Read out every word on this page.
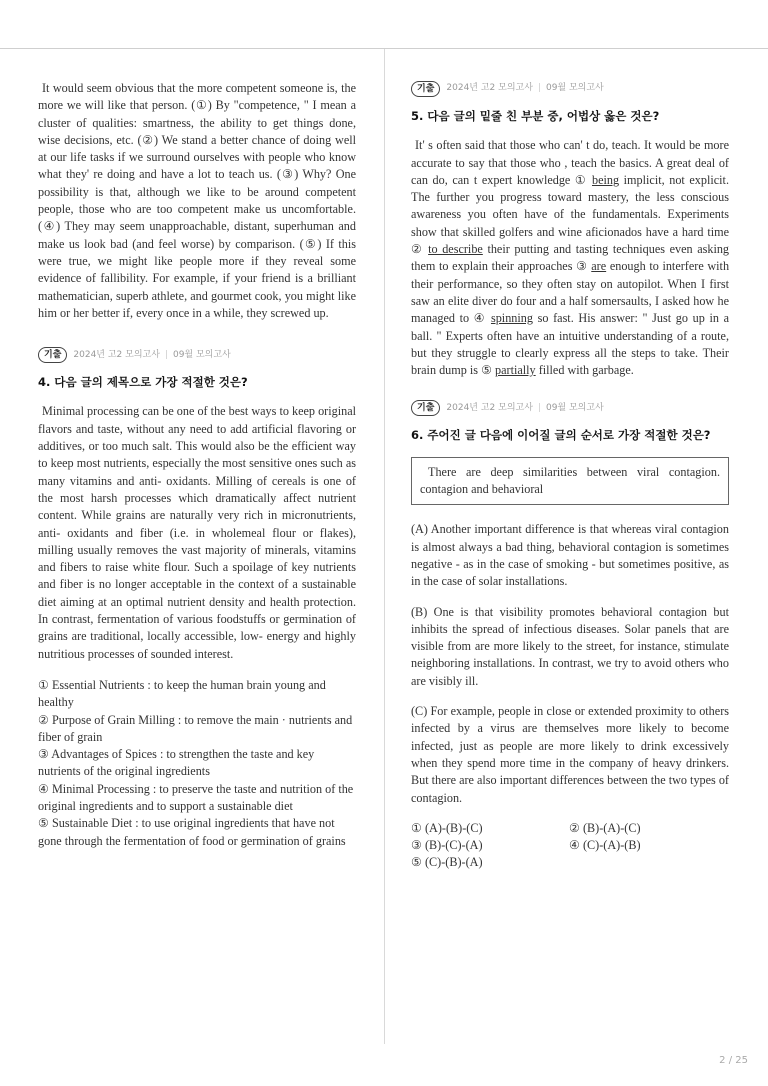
It would seem obvious that the more competent someone is, the more we will like that person. (①) By "competence, " I mean a cluster of qualities: smartness, the ability to get things done, wise decisions, etc. (②) We stand a better chance of doing well at our life tasks if we surround ourselves with people who know what they' re doing and have a lot to teach us. (③) Why? One possibility is that, although we like to be around competent people, those who are too competent make us uncomfortable. (④) They may seem unapproachable, distant, superhuman and make us look bad (and feel worse) by comparison. (⑤) If this were true, we might like people more if they reveal some evidence of fallibility. For example, if your friend is a brilliant mathematician, superb athlete, and gourmet cook, you might like him or her better if, every once in a while, they screwed up.

기출	2024년 고2 모의고사 | 09월 모의고사
4. 다음 글의 제목으로 가장 적절한 것은?

Minimal processing can be one of the best ways to keep original flavors and taste, without any need to add artificial flavoring or additives, or too much salt. This would also be the efficient way to keep most nutrients, especially the most sensitive ones such as many vitamins and anti- oxidants. Milling of cereals is one of the most harsh processes which dramatically affect nutrient content. While grains are naturally very rich in micronutrients, anti- oxidants and fiber (i.e. in wholemeal flour or flakes), milling usually removes the vast majority of minerals, vitamins and fibers to raise white flour. Such a spoilage of key nutrients and fiber is no longer acceptable in the context of a sustainable diet aiming at an optimal nutrient density and health protection. In contrast, fermentation of various foodstuffs or germination of grains are traditional, locally accessible, low- energy and highly nutritious processes of sounded interest.

① Essential Nutrients : to keep the human brain young and healthy

② Purpose of Grain Milling : to remove the main · nutrients and fiber of grain

③ Advantages of Spices : to strengthen the taste and key nutrients of the original ingredients

④ Minimal Processing : to preserve the taste and nutrition of the original ingredients and to support a sustainable diet

⑤ Sustainable Diet : to use original ingredients that have not gone through the fermentation of food or germination of grains

기출	2024년 고2 모의고사 | 09월 모의고사
5. 다음 글의 밑줄 친 부분 중, 어법상 옳은 것은?

It' s often said that those who can' t do, teach. It would be more accurate to say that those who , teach the basics. A great deal of can do, can t expert knowledge ① being implicit, not explicit. The further you progress toward mastery, the less conscious awareness you often have of the fundamentals. Experiments show that skilled golfers and wine aficionados have a hard time ② to describe their putting and tasting techniques even asking them to explain their approaches ③ are enough to interfere with their performance, so they often stay on autopilot. When I first saw an elite diver do four and a half somersaults, I asked how he managed to ④ spinning so fast. His answer: " Just go up in a ball. " Experts often have an intuitive understanding of a route, but they struggle to clearly express all the steps to take. Their brain dump is ⑤ partially filled with garbage.

기출	2024년 고2 모의고사 | 09월 모의고사
6. 주어진 글 다음에 이어질 글의 순서로 가장 적절한 것은?
There are deep similarities between viral contagion. contagion and behavioral

(A) Another important difference is that whereas viral contagion is almost always a bad thing, behavioral contagion is sometimes negative - as in the case of smoking - but sometimes positive, as in the case of solar installations.

(B) One is that visibility promotes behavioral contagion but inhibits the spread of infectious diseases. Solar panels that are visible from are more likely to the street, for instance, stimulate neighboring installations. In contrast, we try to avoid others who are visibly ill.

(C) For example, people in close or extended proximity to others infected by a virus are themselves more likely to become infected, just as people are more likely to drink excessively when they spend more time in the company of heavy drinkers. But there are also important differences between the two types of contagion.

① (A)-(B)-(C)	② (B)-(A)-(C)
③ (B)-(C)-(A)	④ (C)-(A)-(B)
⑤ (C)-(B)-(A)
2 / 25
